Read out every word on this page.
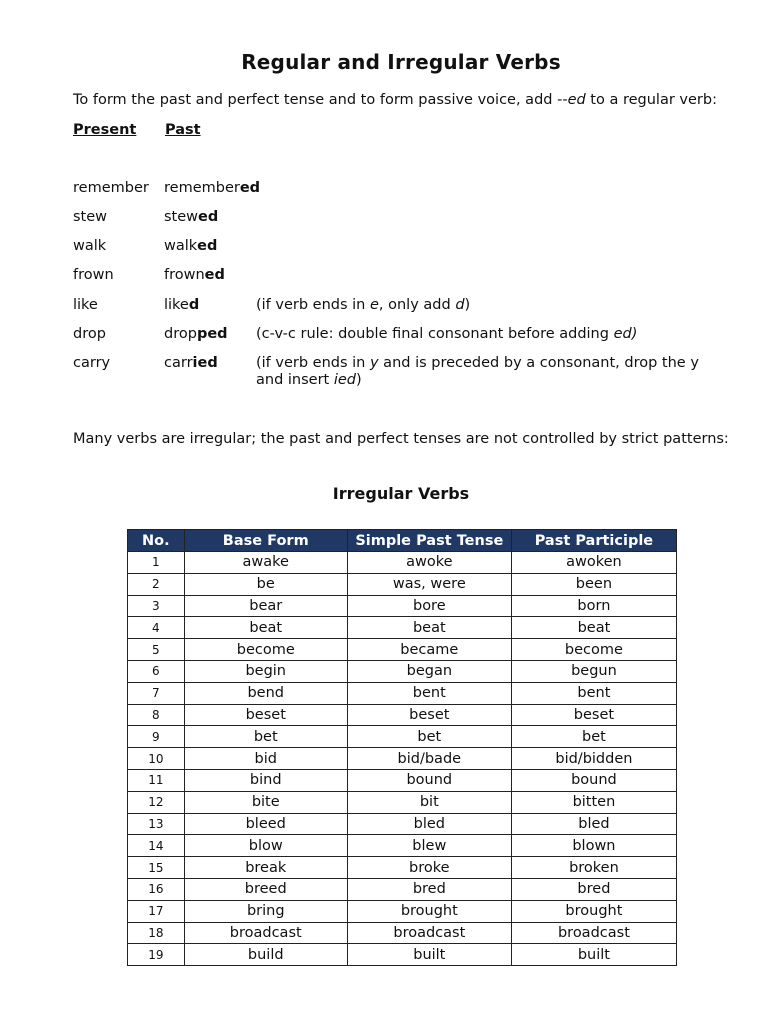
Regular and Irregular Verbs
To form the past and perfect tense and to form passive voice, add --ed to a regular verb:
Present Past
remember remembered
stew	stewed
walk	walked
frown	frowned
like	liked	(if verb ends in e, only add d)
drop	dropped (c-v-c rule: double final consonant before adding ed)
carry	carried	(if verb ends in y and is preceded by a consonant, drop the y and insert ied)
Many verbs are irregular; the past and perfect tenses are not controlled by strict patterns:
Irregular Verbs
No.	Base Form	Simple Past Tense	Past Participle
1	awake	awoke	awoken
2	be	was, were	been
3	bear	bore	born
4	beat	beat	beat
5	become	became	become
6	begin	began	begun
7	bend	bent	bent
8	beset	beset	beset
9	bet	bet	bet
10	bid	bid/bade	bid/bidden
11	bind	bound	bound
12	bite	bit	bitten
13	bleed	bled	bled
14	blow	blew	blown
15	break	broke	broken
16	breed	bred	bred
17	bring	brought	brought
18	broadcast	broadcast	broadcast
19	build	built	built
